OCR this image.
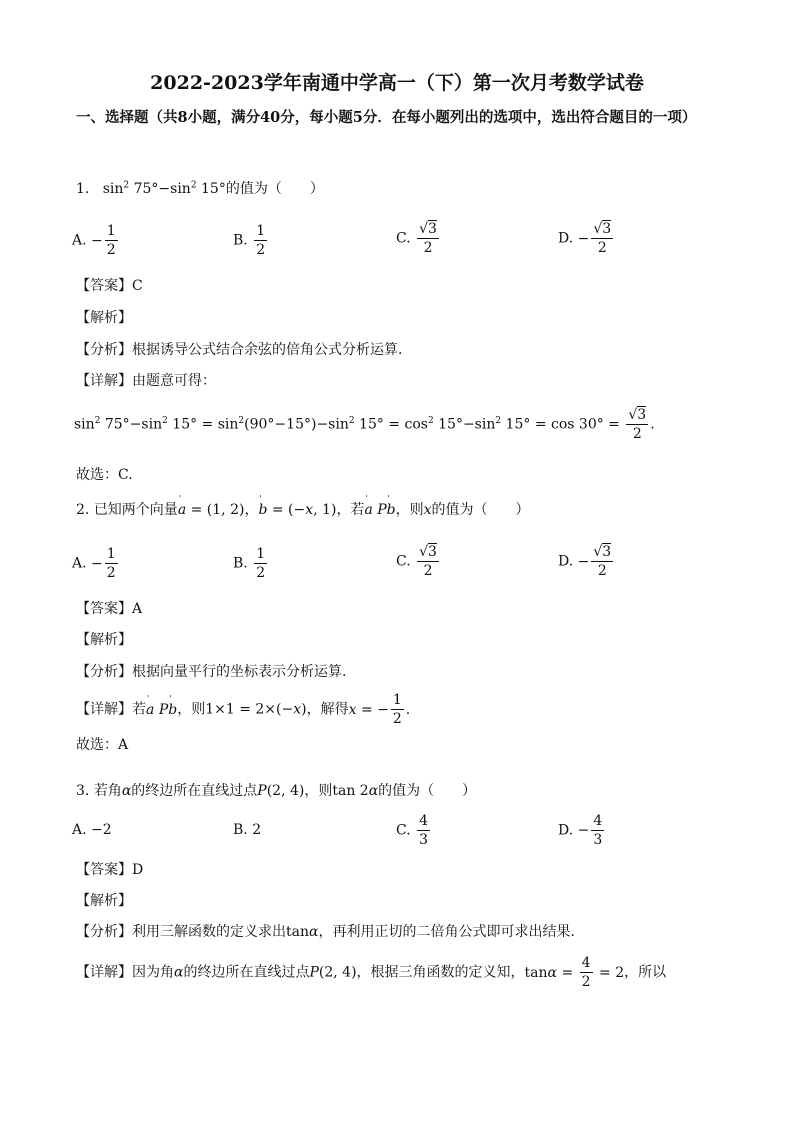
2022-2023学年南通中学高一（下）第一次月考数学试卷
一、选择题（共8小题，满分40分，每小题5分．在每小题列出的选项中，选出符合题目的一项）
1.   $\sin^2 75^\circ-\sin^2$ 15°的值为（　　）
A. − $\frac{1}{2}$	B. $\frac{1}{2}$	C. $\frac{√3}{2}$	D. − $\frac{√3}{2}$
【答案】C
【解析】
【分析】根据诱导公式结合余弦的倍角公式分析运算.
【详解】由题意可得：
$\sin^2 75^\circ-\sin^2$ $15^\circ = \sin^2(90^\circ-15^\circ)-\sin^2$ $15^\circ = \cos^2 15^\circ-\sin^2$ $15^\circ = \cos 30^\circ = \frac{√3}{2}$ .
故选：C.
2. 已知两个向量
'
a = (1, 2)，
'
b = (−x, 1)，若
'
a P
'
b，则x的值为（　　）
A. − $\frac{1}{2}$	B. $\frac{1}{2}$	C. $\frac{√3}{2}$	D. − $\frac{√3}{2}$
【答案】A
【解析】
【分析】根据向量平行的坐标表示分析运算.
【详解】若
'
a P
'
b，则1×1 = 2×(−x)，解得x = − $\frac{1}{2}$ .
故选：A
3. 若角α的终边所在直线过点P(2, 4)，则tan 2α的值为（　　）
A. −2	B. 2	C. $\frac{4}{3}$	D. − $\frac{4}{3}$
【答案】D
【解析】
【分析】利用三解函数的定义求出tanα，再利用正切的二倍角公式即可求出结果.
【详解】因为角α的终边所在直线过点P(2, 4)，根据三角函数的定义知，$\tan\alpha = \frac{4}{2} = 2$，所以
